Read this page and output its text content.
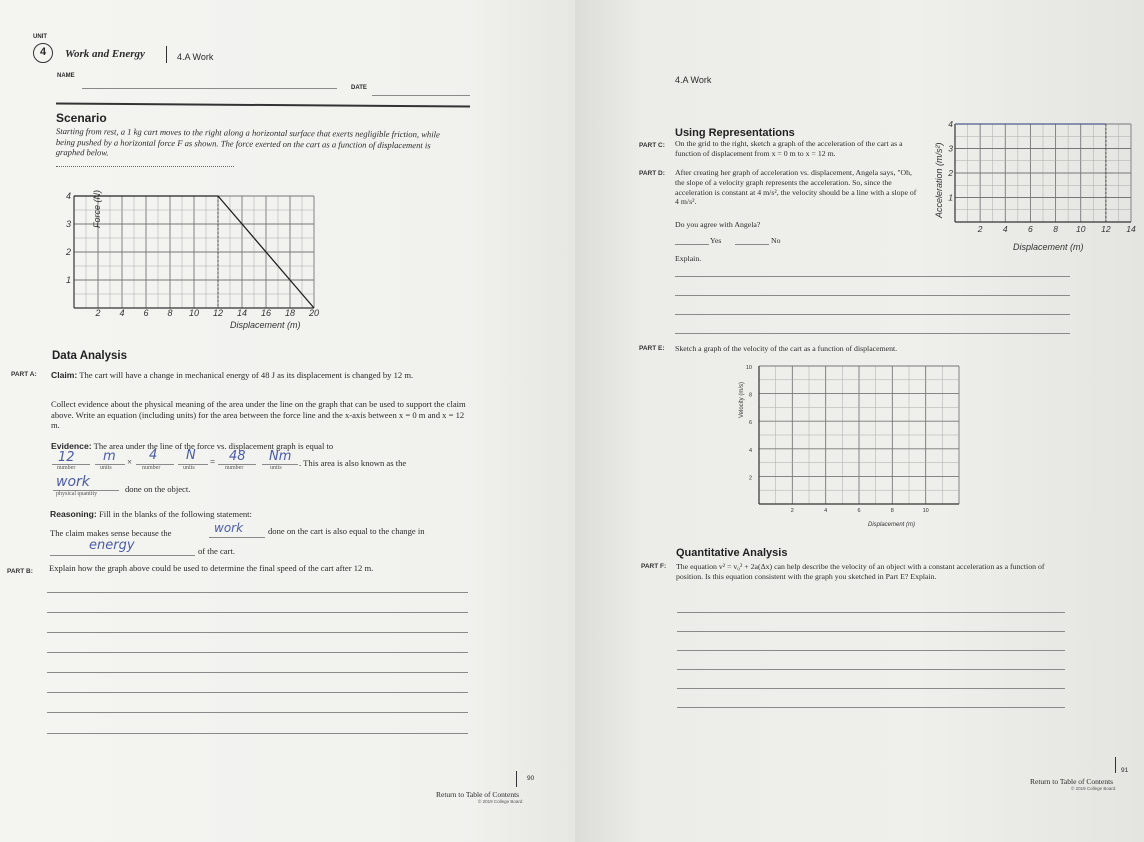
UNIT
4	Work and Energy	4.A Work
NAME
DATE
Scenario
Starting from rest, a 1 kg cart moves to the right along a horizontal surface that exerts negligible friction, while being pushed by a horizontal force F as shown. The force exerted on the cart as a function of displacement is graphed below.
2 4 6 8 10 12 14 16 18 20
1
2
3
4 Force (N)
Displacement (m)
Data Analysis
PART A: Claim: The cart will have a change in mechanical energy of 48 J as its displacement is changed by 12 m.
Collect evidence about the physical meaning of the area under the line on the graph that can be used to support the claim above. Write an equation (including units) for the area between the force line and the x-axis between x = 0 m and x = 12 m.
Evidence: The area under the line of the force vs. displacement graph is equal to
12
number
m
units
× 4
number
N
units
= 48
number
Nm
units . This area is also known as the
work
physical quantity	done on the object.
Reasoning: Fill in the blanks of the following statement:
The claim makes sense because the	work	done on the cart is also equal to the change in
energy	of the cart.
PART B: Explain how the graph above could be used to determine the final speed of the cart after 12 m.
90
Return to Table of Contents
© 2019 College Board
4.A Work
Using Representations
PART C: On the grid to the right, sketch a graph of the acceleration of the cart as a function of displacement from x = 0 m to x = 12 m.
PART D: After creating her graph of acceleration vs. displacement, Angela says, "Oh, the slope of a velocity graph represents the acceleration. So, since the acceleration is constant at 4 m/s², the velocity should be a line with a slope of 4 m/s².
Do you agree with Angela?
Yes	No
Explain.
2 4 6 8 10 12 14
1
2
3
4
Acceleration (m/s²)
Displacement (m)
PART E: Sketch a graph of the velocity of the cart as a function of displacement.
2	4	6	8	10
2
4
6
8
10
Velocity (m/s)
Displacement (m)
Quantitative Analysis
PART F: The equation v² = v₀² + 2a(Δx) can help describe the velocity of an object with a constant acceleration as a function of position. Is this equation consistent with the graph you sketched in Part E? Explain.
91
Return to Table of Contents
© 2019 College Board
